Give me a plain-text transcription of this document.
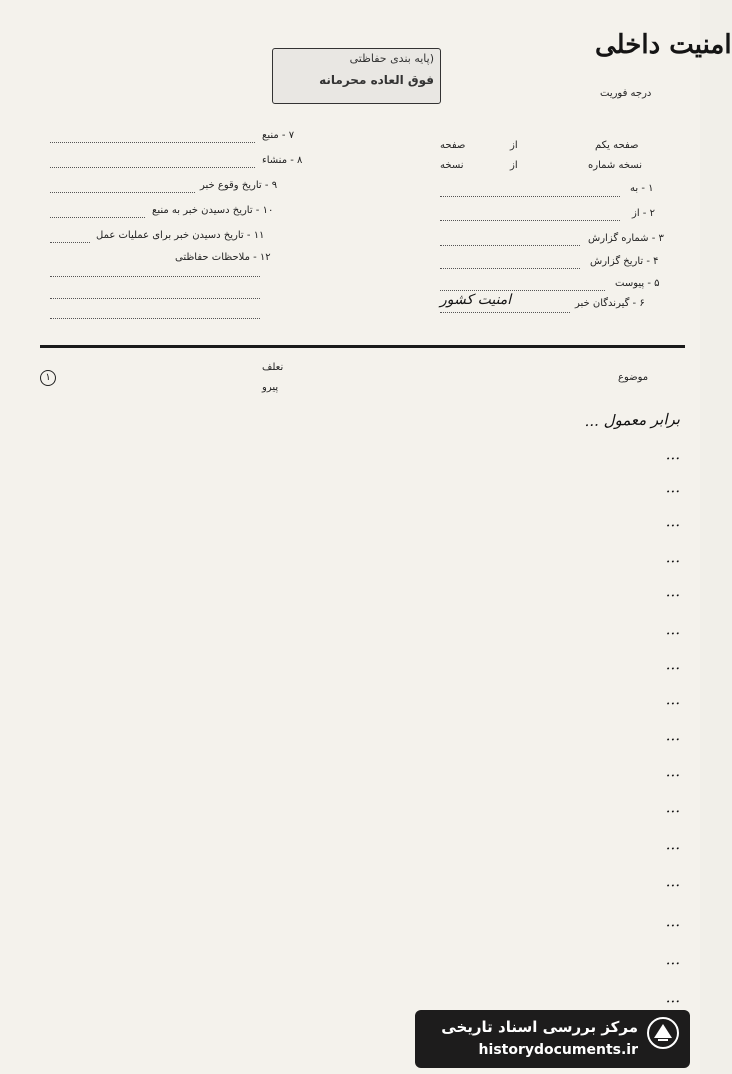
امنیت داخلی
درجه فوریت
(پایه بندی حفاظتی
فوق العاده محرمانه
صفحه یکم
از
صفحه
نسخه شماره
از
نسخه
۱ - به
۲ - از
۳ - شماره گزارش
۴ - تاریخ گزارش
۵ - پیوست
۶ - گیرندگان خبر
امنیت کشور
۷ - منبع
۸ - منشاء
۹ - تاریخ وقوع خبر
۱۰ - تاریخ دسیدن خبر به منبع
۱۱ - تاریخ دسیدن خبر برای عملیات عمل
۱۲ - ملاحظات حفاظتی
موضوع
نعلف
پیرو
۱
برابر معمول ...
...
...
...
...
...
...
...
...
...
...
...
...
...
...
...
...
مرکز بررسی اسناد تاریخی
historydocuments.ir
